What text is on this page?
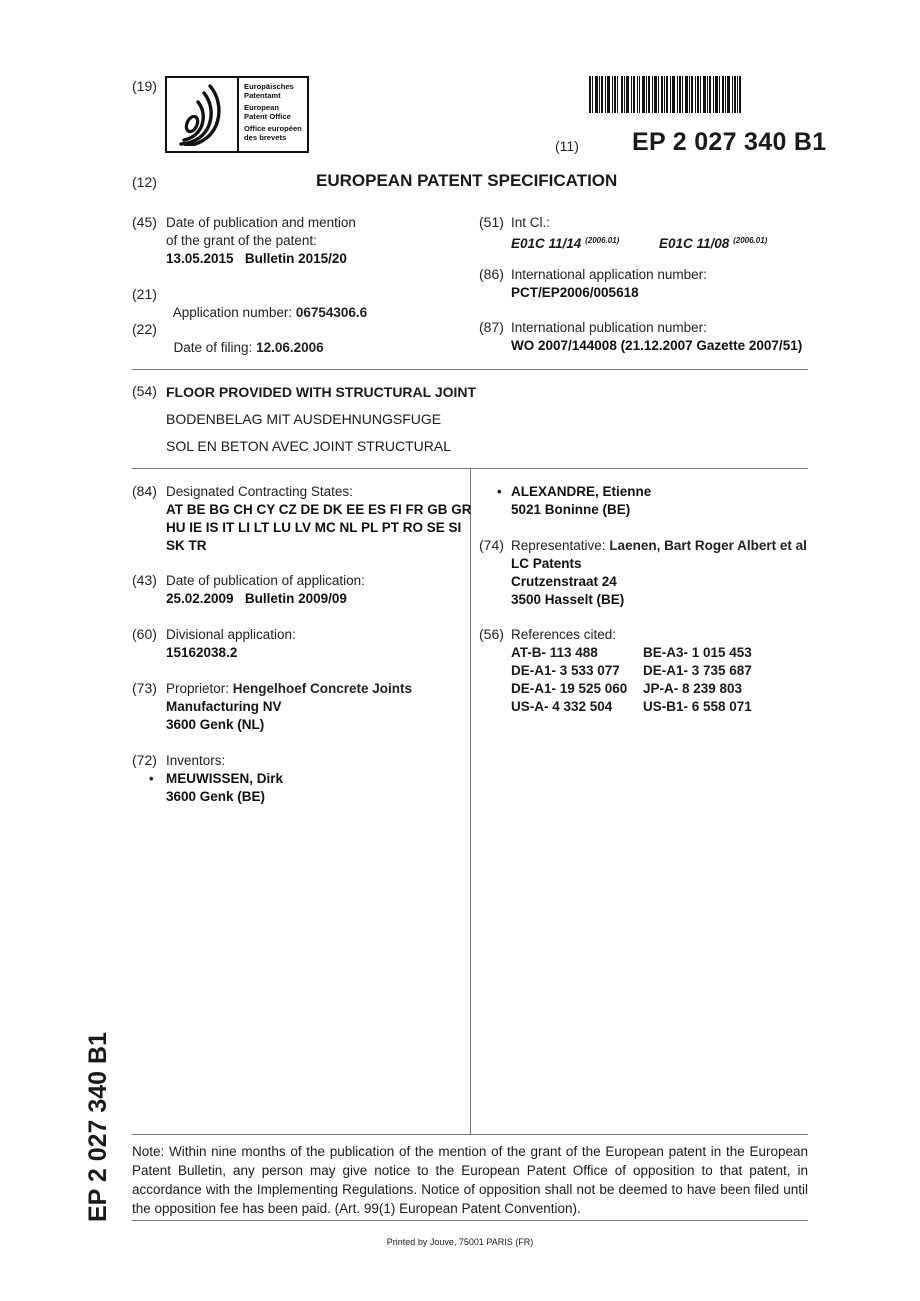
(19)	Europäisches
Patentamt
European
Patent Office
Office européen
des brevets
(11) EP 2 027 340 B1
(12)	EUROPEAN PATENT SPECIFICATION
(45) Date of publication and mention
of the grant of the patent:
13.05.2015   Bulletin 2015/20
(21)

Application number: 06754306.6

(22)

Date of filing: 12.06.2006

(51) Int Cl.:
E01C 11/14 $^{(2006.01)}$	E01C 11/08 $^{(2006.01)}$
(86) International application number:
PCT/EP2006/005618
(87) International publication number:
WO 2007/144008 (21.12.2007 Gazette 2007/51)
(54) FLOOR PROVIDED WITH STRUCTURAL JOINT
BODENBELAG MIT AUSDEHNUNGSFUGE
SOL EN BETON AVEC JOINT STRUCTURAL
(84) Designated Contracting States:
AT BE BG CH CY CZ DE DK EE ES FI FR GB GR
HU IE IS IT LI LT LU LV MC NL PL PT RO SE SI
SK TR
(43) Date of publication of application:
25.02.2009   Bulletin 2009/09
(60) Divisional application:
15162038.2
(73) Proprietor: Hengelhoef Concrete Joints
Manufacturing NV
3600 Genk (NL)
(72) Inventors:
• MEUWISSEN, Dirk
3600 Genk (BE)
• ALEXANDRE, Etienne
5021 Boninne (BE)
(74) Representative: Laenen, Bart Roger Albert et al
LC Patents
Crutzenstraat 24
3500 Hasselt (BE)
(56) References cited:
AT-B- 113 488	BE-A3- 1 015 453
DE-A1- 3 533 077	DE-A1- 3 735 687
DE-A1- 19 525 060	JP-A- 8 239 803
US-A- 4 332 504	US-B1- 6 558 071
Note: Within nine months of the publication of the mention of the grant of the European patent in the European Patent Bulletin, any person may give notice to the European Patent Office of opposition to that patent, in accordance with the Implementing Regulations. Notice of opposition shall not be deemed to have been filed until the opposition fee has been paid. (Art. 99(1) European Patent Convention).
Printed by Jouve, 75001 PARIS (FR)
EP 2 027 340 B1
